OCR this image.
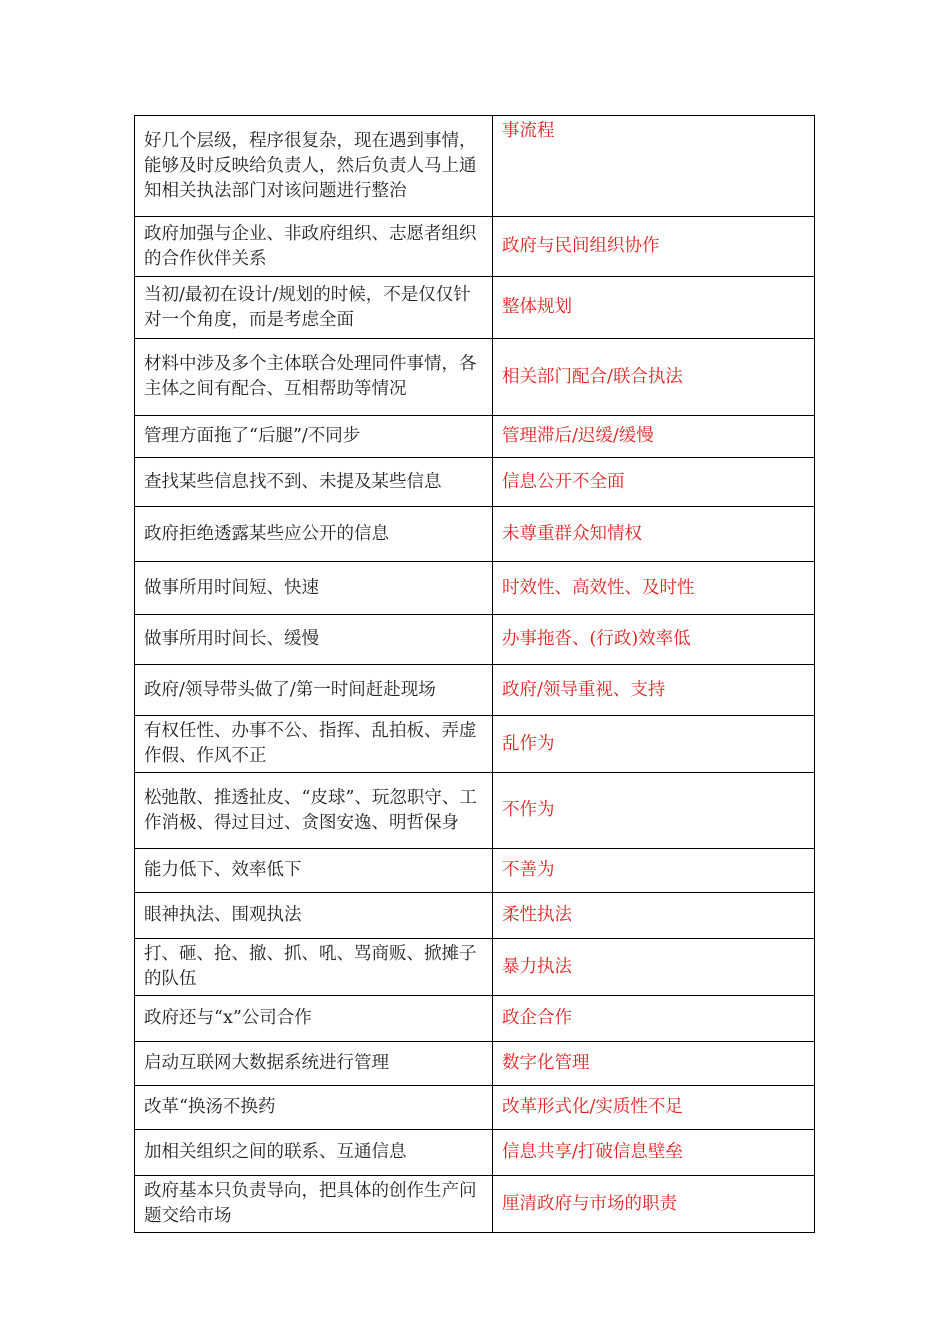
好几个层级，程序很复杂，现在遇到事情，能够及时反映给负责人，然后负责人马上通知相关执法部门对该问题进行整治	事流程
政府加强与企业、非政府组织、志愿者组织的合作伙伴关系	政府与民间组织协作
当初/最初在设计/规划的时候，不是仅仅针对一个角度，而是考虑全面	整体规划
材料中涉及多个主体联合处理同件事情，各主体之间有配合、互相帮助等情况	相关部门配合/联合执法
管理方面拖了“后腿”/不同步	管理滞后/迟缓/缓慢
查找某些信息找不到、未提及某些信息	信息公开不全面
政府拒绝透露某些应公开的信息	未尊重群众知情权
做事所用时间短、快速	时效性、高效性、及时性
做事所用时间长、缓慢	办事拖沓、(行政)效率低
政府/领导带头做了/第一时间赶赴现场	政府/领导重视、支持
有权任性、办事不公、指挥、乱拍板、弄虚作假、作风不正	乱作为
松弛散、推透扯皮、“皮球”、玩忽职守、工作消极、得过目过、贪图安逸、明哲保身	不作为
能力低下、效率低下	不善为
眼神执法、围观执法	柔性执法
打、砸、抢、撤、抓、吼、骂商贩、掀摊子的队伍	暴力执法
政府还与“x”公司合作	政企合作
启动互联网大数据系统进行管理	数字化管理
改革“换汤不换药	改革形式化/实质性不足
加相关组织之间的联系、互通信息	信息共享/打破信息壁垒
政府基本只负责导向，把具体的创作生产问题交给市场	厘清政府与市场的职责
